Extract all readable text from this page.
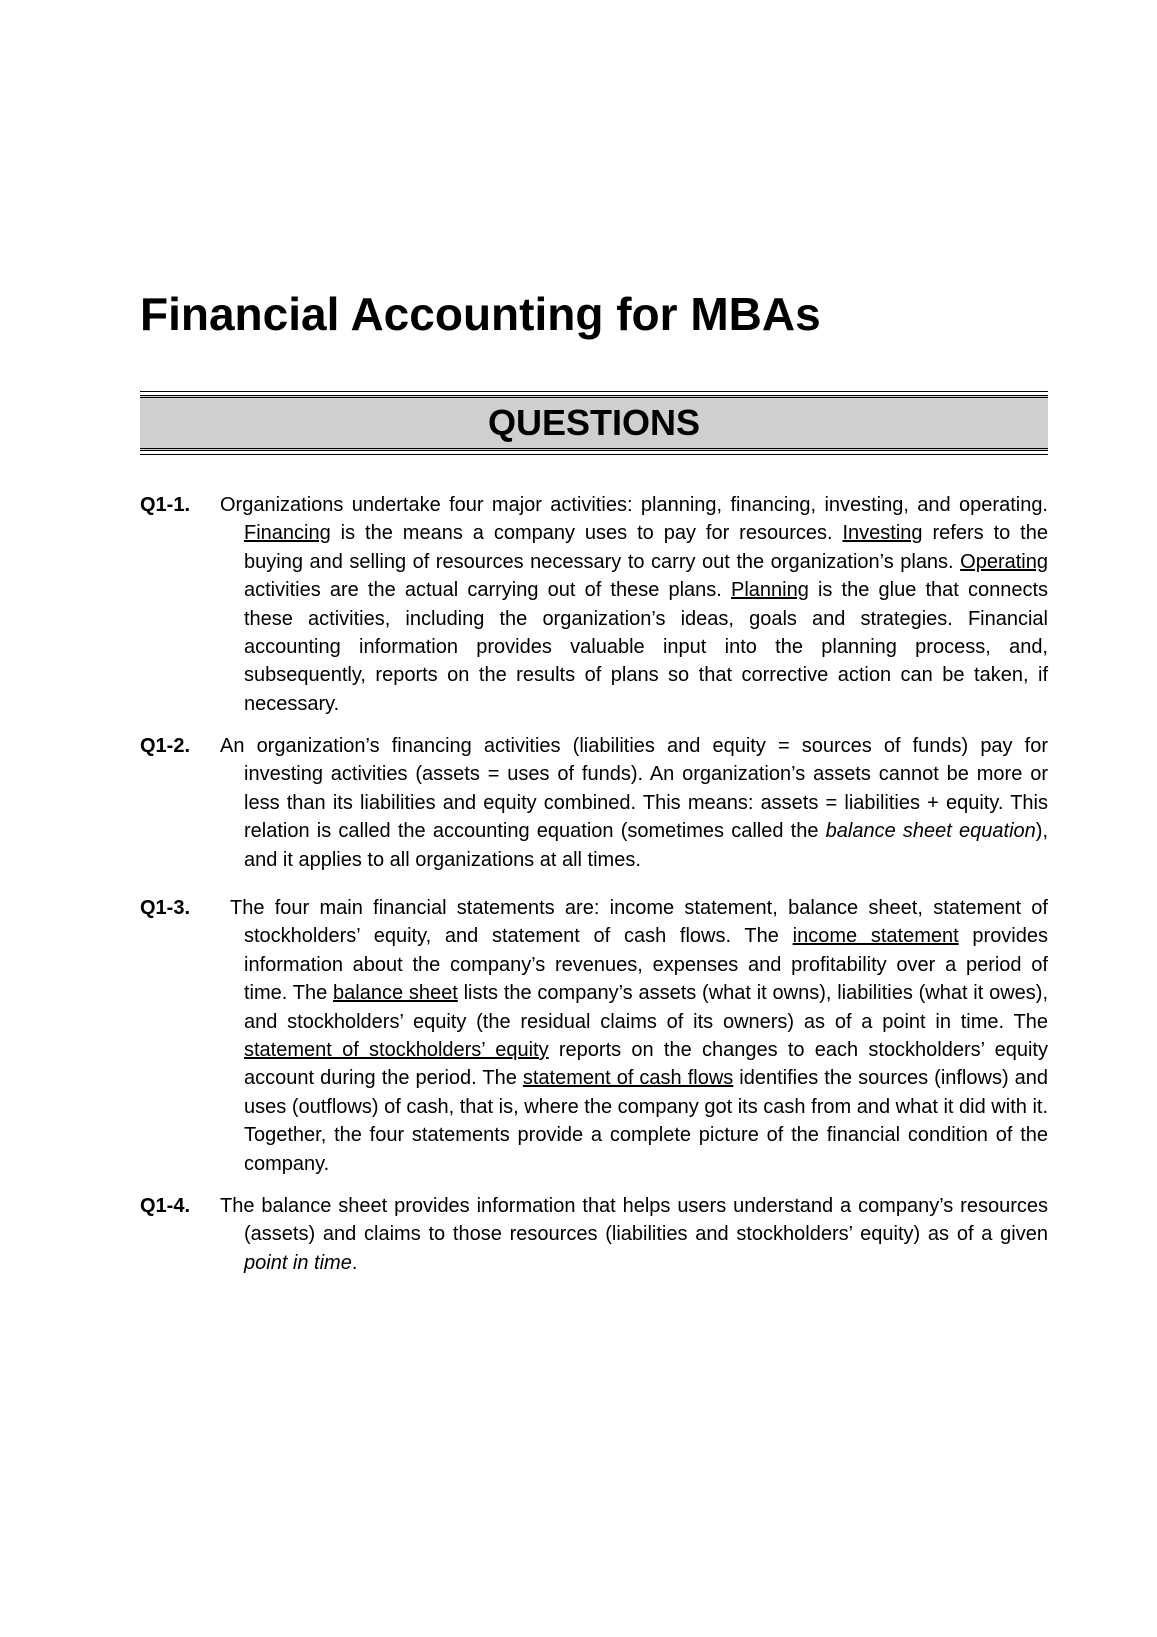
Financial Accounting for MBAs
QUESTIONS
Q1-1.	Organizations undertake four major activities: planning, financing, investing, and operating. Financing is the means a company uses to pay for resources. Investing refers to the buying and selling of resources necessary to carry out the organization’s plans. Operating activities are the actual carrying out of these plans. Planning is the glue that connects these activities, including the organization’s ideas, goals and strategies. Financial accounting information provides valuable input into the planning process, and, subsequently, reports on the results of plans so that corrective action can be taken, if necessary.

Q1-2.	An organization’s financing activities (liabilities and equity = sources of funds) pay for investing activities (assets = uses of funds). An organization’s assets cannot be more or less than its liabilities and equity combined. This means: assets = liabilities + equity. This relation is called the accounting equation (sometimes called the balance sheet equation), and it applies to all organizations at all times.

Q1-3.	The four main financial statements are: income statement, balance sheet, statement of stockholders’ equity, and statement of cash flows. The income statement provides information about the company’s revenues, expenses and profitability over a period of time. The balance sheet lists the company’s assets (what it owns), liabilities (what it owes), and stockholders’ equity (the residual claims of its owners) as of a point in time. The statement of stockholders’ equity reports on the changes to each stockholders’ equity account during the period. The statement of cash flows identifies the sources (inflows) and uses (outflows) of cash, that is, where the company got its cash from and what it did with it. Together, the four statements provide a complete picture of the financial condition of the company.

Q1-4.	The balance sheet provides information that helps users understand a company’s resources (assets) and claims to those resources (liabilities and stockholders’ equity) as of a given point in time.
